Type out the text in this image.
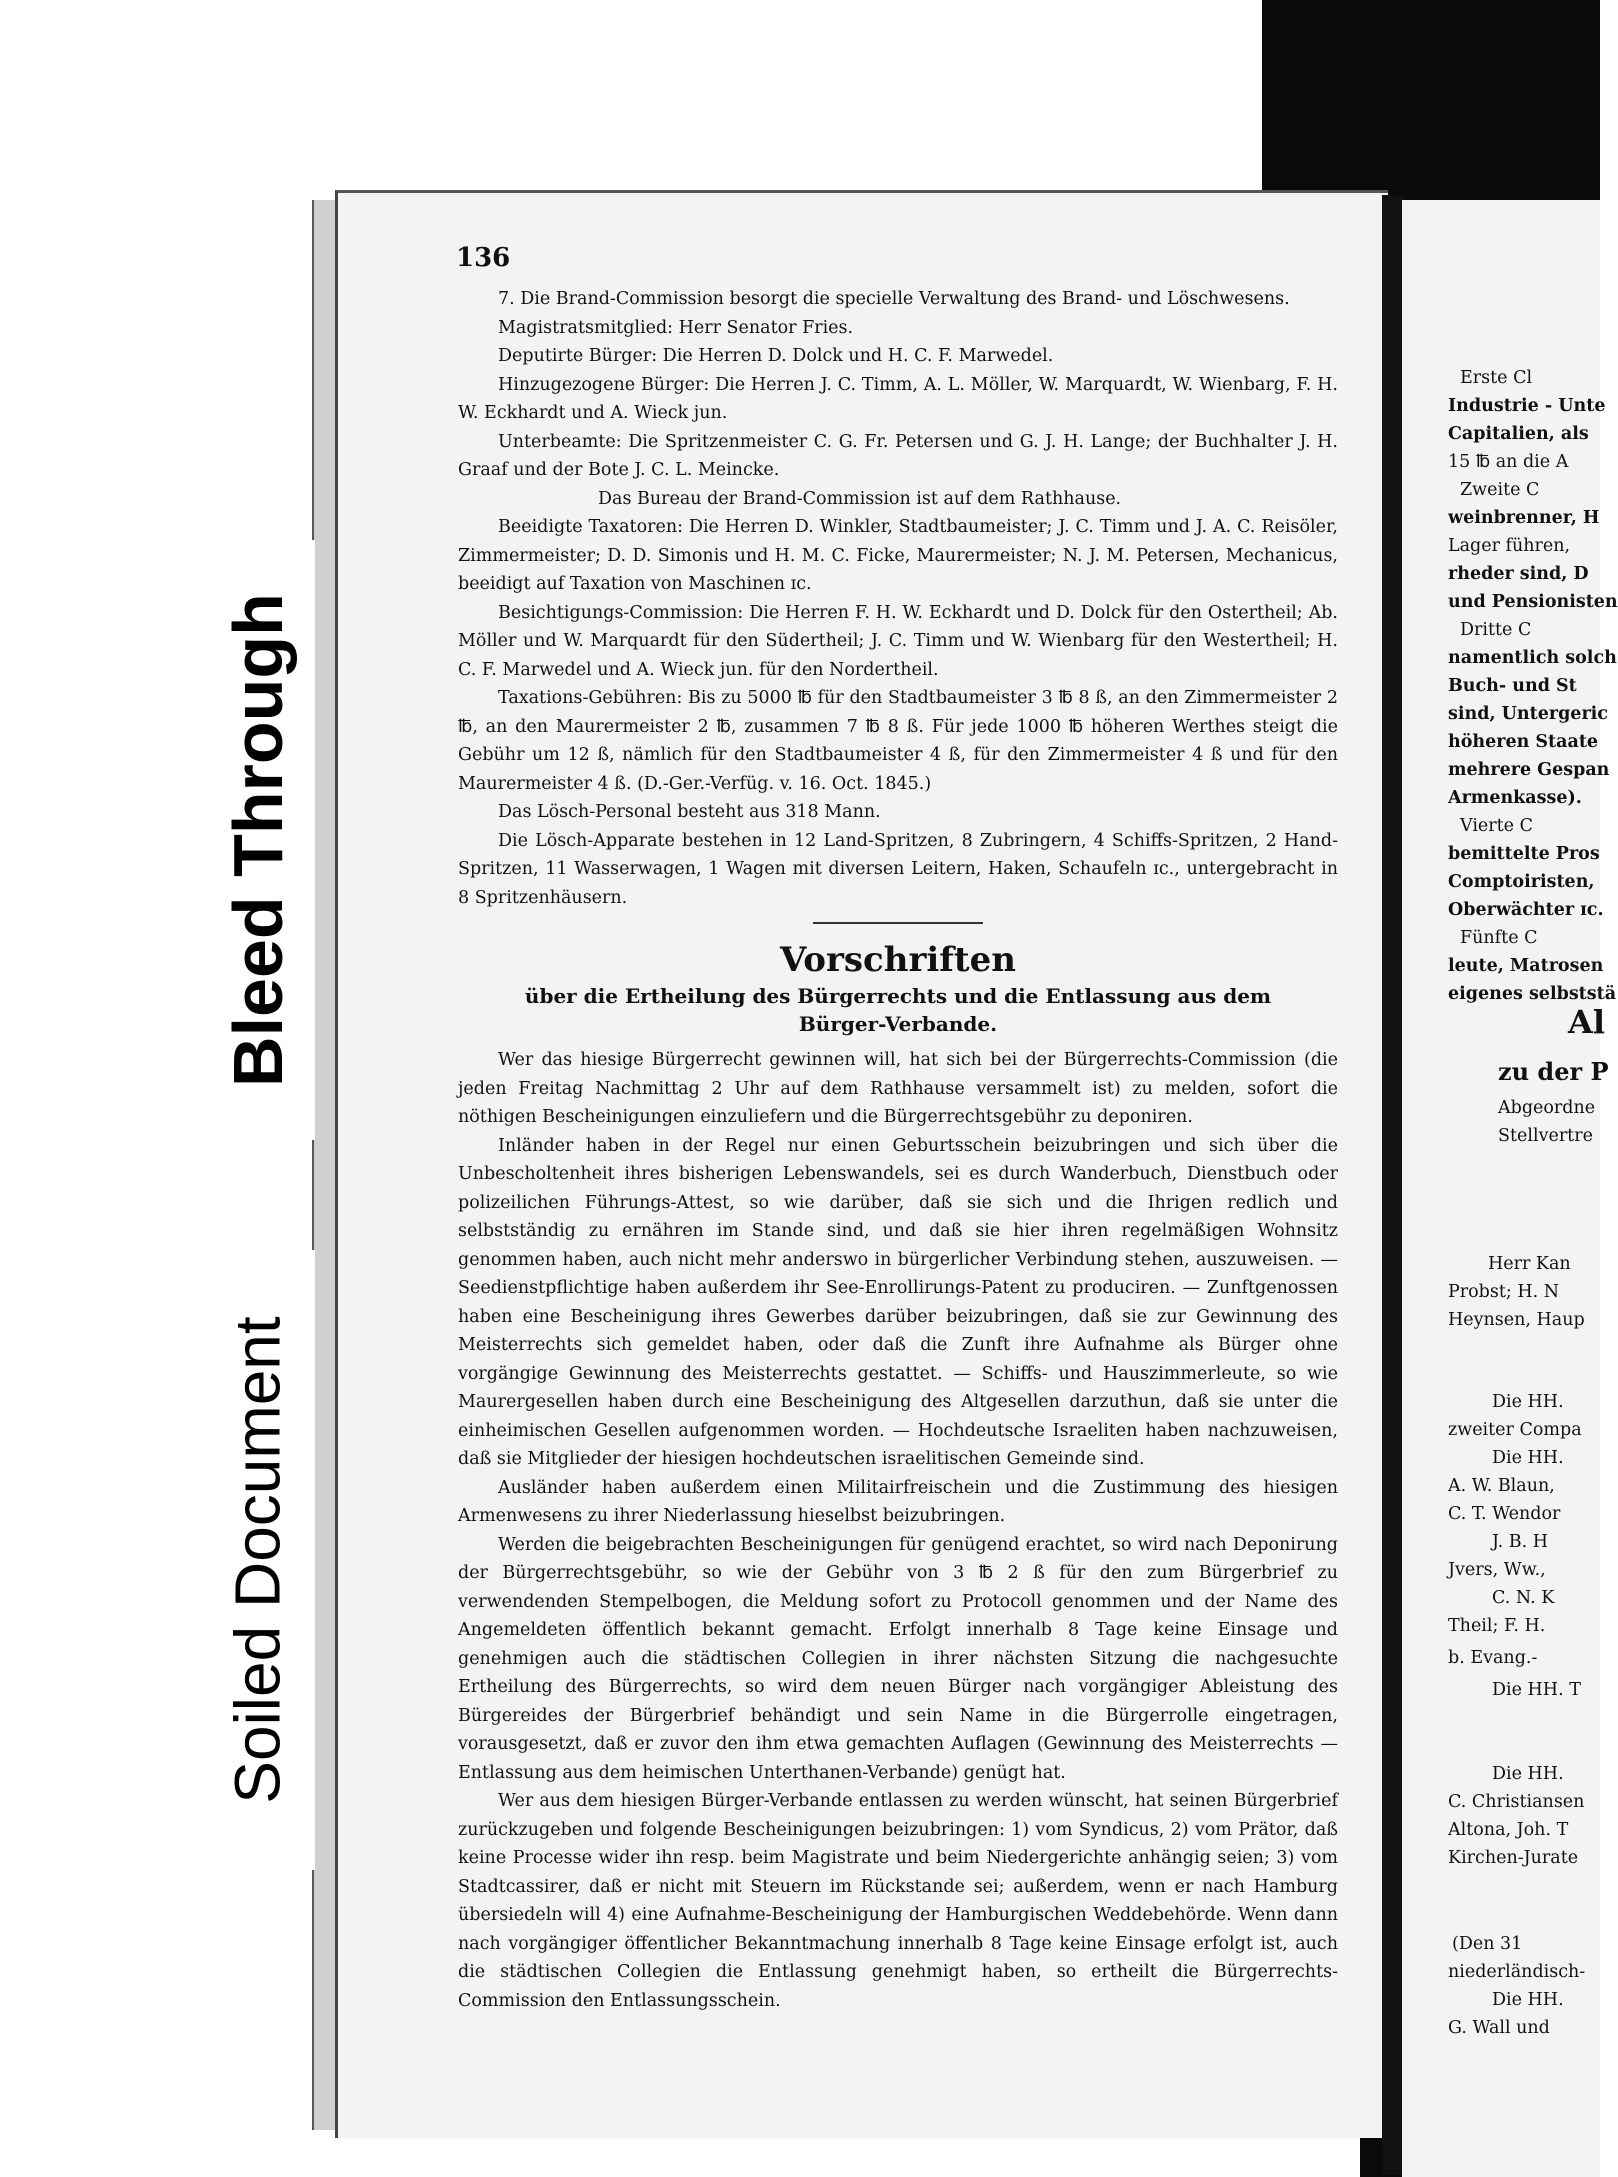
136

7. Die Brand-Commission besorgt die specielle Verwaltung des Brand- und Löschwesens.

Magistratsmitglied: Herr Senator Fries.

Deputirte Bürger: Die Herren D. Dolck und H. C. F. Marwedel.

Hinzugezogene Bürger: Die Herren J. C. Timm, A. L. Möller, W. Marquardt, W. Wienbarg, F. H. W. Eckhardt und A. Wieck jun.

Unterbeamte: Die Spritzenmeister C. G. Fr. Petersen und G. J. H. Lange; der Buchhalter J. H. Graaf und der Bote J. C. L. Meincke.

Das Bureau der Brand-Commission ist auf dem Rathhause.

Beeidigte Taxatoren: Die Herren D. Winkler, Stadtbaumeister; J. C. Timm und J. A. C. Reisöler, Zimmermeister; D. D. Simonis und H. M. C. Ficke, Maurermeister; N. J. M. Petersen, Mechanicus, beeidigt auf Taxation von Maschinen ɪc.

Besichtigungs-Commission: Die Herren F. H. W. Eckhardt und D. Dolck für den Ostertheil; Ab. Möller und W. Marquardt für den Südertheil; J. C. Timm und W. Wienbarg für den Westertheil; H. C. F. Marwedel und A. Wieck jun. für den Nordertheil.

Taxations-Gebühren: Bis zu 5000 ℔ für den Stadtbaumeister 3 ℔ 8 ß, an den Zimmermeister 2 ℔, an den Maurermeister 2 ℔, zusammen 7 ℔ 8 ß. Für jede 1000 ℔ höheren Werthes steigt die Gebühr um 12 ß, nämlich für den Stadtbaumeister 4 ß, für den Zimmermeister 4 ß und für den Maurermeister 4 ß. (D.-Ger.-Verfüg. v. 16. Oct. 1845.)

Das Lösch-Personal besteht aus 318 Mann.

Die Lösch-Apparate bestehen in 12 Land-Spritzen, 8 Zubringern, 4 Schiffs-Spritzen, 2 Hand-Spritzen, 11 Wasserwagen, 1 Wagen mit diversen Leitern, Haken, Schaufeln ɪc., untergebracht in 8 Spritzenhäusern.

Vorschriften

über die Ertheilung des Bürgerrechts und die Entlassung aus dem Bürger-Verbande.

Wer das hiesige Bürgerrecht gewinnen will, hat sich bei der Bürgerrechts-Commission (die jeden Freitag Nachmittag 2 Uhr auf dem Rathhause versammelt ist) zu melden, sofort die nöthigen Bescheinigungen einzuliefern und die Bürgerrechtsgebühr zu deponiren.

Inländer haben in der Regel nur einen Geburtsschein beizubringen und sich über die Unbescholtenheit ihres bisherigen Lebenswandels, sei es durch Wanderbuch, Dienstbuch oder polizeilichen Führungs-Attest, so wie darüber, daß sie sich und die Ihrigen redlich und selbstständig zu ernähren im Stande sind, und daß sie hier ihren regelmäßigen Wohnsitz genommen haben, auch nicht mehr anderswo in bürgerlicher Verbindung stehen, auszuweisen. — Seedienstpflichtige haben außerdem ihr See-Enrollirungs-Patent zu produciren. — Zunftgenossen haben eine Bescheinigung ihres Gewerbes darüber beizubringen, daß sie zur Gewinnung des Meisterrechts sich gemeldet haben, oder daß die Zunft ihre Aufnahme als Bürger ohne vorgängige Gewinnung des Meisterrechts gestattet. — Schiffs- und Hauszimmerleute, so wie Maurergesellen haben durch eine Bescheinigung des Altgesellen darzuthun, daß sie unter die einheimischen Gesellen aufgenommen worden. — Hochdeutsche Israeliten haben nachzuweisen, daß sie Mitglieder der hiesigen hochdeutschen israelitischen Gemeinde sind.

Ausländer haben außerdem einen Militairfreischein und die Zustimmung des hiesigen Armenwesens zu ihrer Niederlassung hieselbst beizubringen.

Werden die beigebrachten Bescheinigungen für genügend erachtet, so wird nach Deponirung der Bürgerrechtsgebühr, so wie der Gebühr von 3 ℔ 2 ß für den zum Bürgerbrief zu verwendenden Stempelbogen, die Meldung sofort zu Protocoll genommen und der Name des Angemeldeten öffentlich bekannt gemacht. Erfolgt innerhalb 8 Tage keine Einsage und genehmigen auch die städtischen Collegien in ihrer nächsten Sitzung die nachgesuchte Ertheilung des Bürgerrechts, so wird dem neuen Bürger nach vorgängiger Ableistung des Bürgereides der Bürgerbrief behändigt und sein Name in die Bürgerrolle eingetragen, vorausgesetzt, daß er zuvor den ihm etwa gemachten Auflagen (Gewinnung des Meisterrechts — Entlassung aus dem heimischen Unterthanen-Verbande) genügt hat.

Wer aus dem hiesigen Bürger-Verbande entlassen zu werden wünscht, hat seinen Bürgerbrief zurückzugeben und folgende Bescheinigungen beizubringen: 1) vom Syndicus, 2) vom Prätor, daß keine Processe wider ihn resp. beim Magistrate und beim Niedergerichte anhängig seien; 3) vom Stadtcassirer, daß er nicht mit Steuern im Rückstande sei; außerdem, wenn er nach Hamburg übersiedeln will 4) eine Aufnahme-Bescheinigung der Hamburgischen Weddebehörde. Wenn dann nach vorgängiger öffentlicher Bekanntmachung innerhalb 8 Tage keine Einsage erfolgt ist, auch die städtischen Collegien die Entlassung genehmigt haben, so ertheilt die Bürgerrechts-Commission den Entlassungsschein.

Erste Cl
Industrie - Unte
Capitalien, als
15 ℔ an die A
Zweite C
weinbrenner, H
Lager führen,
rheder sind, D
und Pensionisten
Dritte C
namentlich solch
Buch- und St
sind, Untergeric
höheren Staate
mehrere Gespan
Armenkasse).
Vierte C
bemittelte Pros
Comptoiristen,
Oberwächter ɪc.
Fünfte C
leute, Matrosen
eigenes selbststä
Al
zu der P
Abgeordne
Stellvertre
Herr Kan
Probst; H. N
Heynsen, Haup
Die HH.
zweiter Compa
Die HH.
A. W. Blaun,
C. T. Wendor
J. B. H
Jvers, Ww.,
C. N. K
Theil; F. H.
b. Evang.-
Die HH. T
Die HH.
C. Christiansen
Altona, Joh. T
Kirchen-Jurate
(Den 31
niederländisch-
Die HH.
G. Wall und
Bleed Through
Soiled Document
